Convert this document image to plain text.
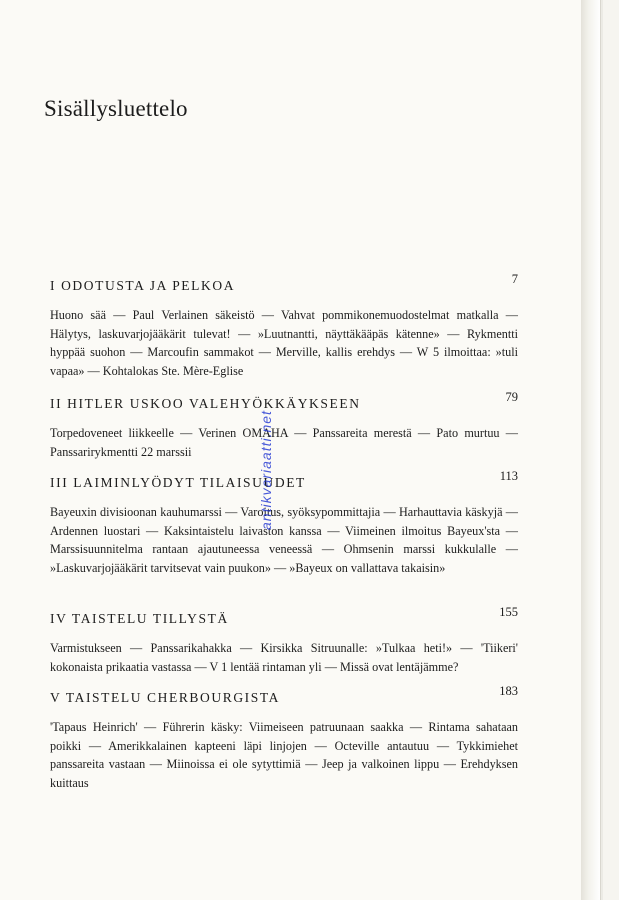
Sisällysluettelo
I ODOTUSTA JA PELKOA	7
Huono sää — Paul Verlainen säkeistö — Vahvat pommikonemuodostelmat matkalla — Hälytys, laskuvarjojääkärit tulevat! — »Luutnantti, näyttäkääpäs kätenne» — Rykmentti hyppää suohon — Marcoufin sammakot — Merville, kallis erehdys — W 5 ilmoittaa: »tuli vapaa» — Kohtalokas Ste. Mère-Eglise
II HITLER USKOO VALEHYÖKKÄYKSEEN	79
Torpedoveneet liikkeelle — Verinen OMAHA — Panssareita merestä — Pato murtuu — Panssarirykmentti 22 marssii
III LAIMINLYÖDYT TILAISUUDET	113
Bayeuxin divisioonan kauhumarssi — Varoitus, syöksypommittajia — Harhauttavia käskyjä — Ardennen luostari — Kaksintaistelu laivaston kanssa — Viimeinen ilmoitus Bayeux'sta — Marssisuunnitelma rantaan ajautuneessa veneessä — Ohmsenin marssi kukkulalle — »Laskuvarjojääkärit tarvitsevat vain puukon» — »Bayeux on vallattava takaisin»
IV TAISTELU TILLYSTÄ	155
Varmistukseen — Panssarikahakka — Kirsikka Sitruunalle: »Tulkaa heti!» — 'Tiikeri' kokonaista prikaatia vastassa — V 1 lentää rintaman yli — Missä ovat lentäjämme?
V TAISTELU CHERBOURGISTA	183
'Tapaus Heinrich' — Führerin käsky: Viimeiseen patruunaan saakka — Rintama sahataan poikki — Amerikkalainen kapteeni läpi linjojen — Octeville antautuu — Tykkimiehet panssareita vastaan — Miinoissa ei ole sytyttimiä — Jeep ja valkoinen lippu — Erehdyksen kuittaus
antikvariaatti.net
